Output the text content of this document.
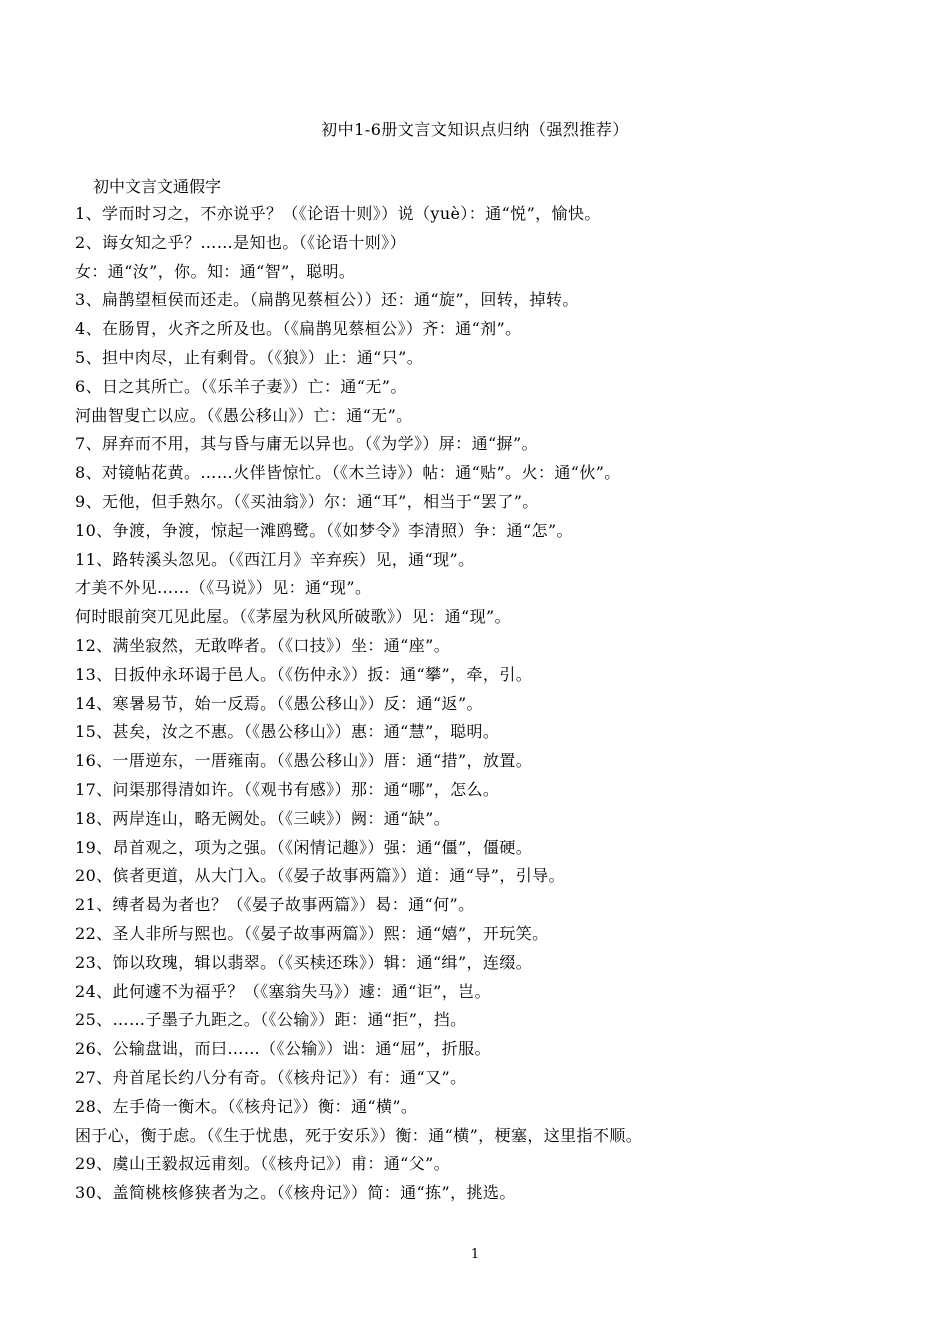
初中1-6册文言文知识点归纳（强烈推荐）
初中文言文通假字
1、学而时习之，不亦说乎？（《论语十则》）说（yuè）：通“悦”，愉快。
2、诲女知之乎？……是知也。（《论语十则》）
女：通“汝”，你。知：通“智”，聪明。
3、扁鹊望桓侯而还走。（扁鹊见蔡桓公））还：通“旋”，回转，掉转。
4、在肠胃，火齐之所及也。（《扁鹊见蔡桓公》）齐：通“剂”。
5、担中肉尽，止有剩骨。（《狼》）止：通“只”。
6、日之其所亡。（《乐羊子妻》）亡：通“无”。
河曲智叟亡以应。（《愚公移山》）亡：通“无”。
7、屏弃而不用，其与昏与庸无以异也。（《为学》）屏：通“摒”。
8、对镜帖花黄。……火伴皆惊忙。（《木兰诗》）帖：通“贴”。火：通“伙”。
9、无他，但手熟尔。（《买油翁》）尔：通“耳”，相当于“罢了”。
10、争渡，争渡，惊起一滩鸥鹭。（《如梦令》李清照）争：通“怎”。
11、路转溪头忽见。（《西江月》辛弃疾）见，通“现”。
才美不外见……（《马说》）见：通“现”。
何时眼前突兀见此屋。（《茅屋为秋风所破歌》）见：通“现”。
12、满坐寂然，无敢哗者。（《口技》）坐：通“座”。
13、日扳仲永环谒于邑人。（《伤仲永》）扳：通“攀”，牵，引。
14、寒暑易节，始一反焉。（《愚公移山》）反：通“返”。
15、甚矣，汝之不惠。（《愚公移山》）惠：通“慧”，聪明。
16、一厝逆东，一厝雍南。（《愚公移山》）厝：通“措”，放置。
17、问渠那得清如许。（《观书有感》）那：通“哪”，怎么。
18、两岸连山，略无阙处。（《三峡》）阙：通“缺”。
19、昂首观之，项为之强。（《闲情记趣》）强：通“僵”，僵硬。
20、傧者更道，从大门入。（《晏子故事两篇》）道：通“导”，引导。
21、缚者曷为者也？（《晏子故事两篇》）曷：通“何”。
22、圣人非所与熙也。（《晏子故事两篇》）熙：通“嬉”，开玩笑。
23、饰以玫瑰，辑以翡翠。（《买椟还珠》）辑：通“缉”，连缀。
24、此何遽不为福乎？（《塞翁失马》）遽：通“讵”，岂。
25、……子墨子九距之。（《公输》）距：通“拒”，挡。
26、公输盘诎，而曰……（《公输》）诎：通“屈”，折服。
27、舟首尾长约八分有奇。（《核舟记》）有：通“又”。
28、左手倚一衡木。（《核舟记》）衡：通“横”。
困于心，衡于虑。（《生于忧患，死于安乐》）衡：通“横”，梗塞，这里指不顺。
29、虞山王毅叔远甫刻。（《核舟记》）甫：通“父”。
30、盖简桃核修狭者为之。（《核舟记》）简：通“拣”，挑选。
1
